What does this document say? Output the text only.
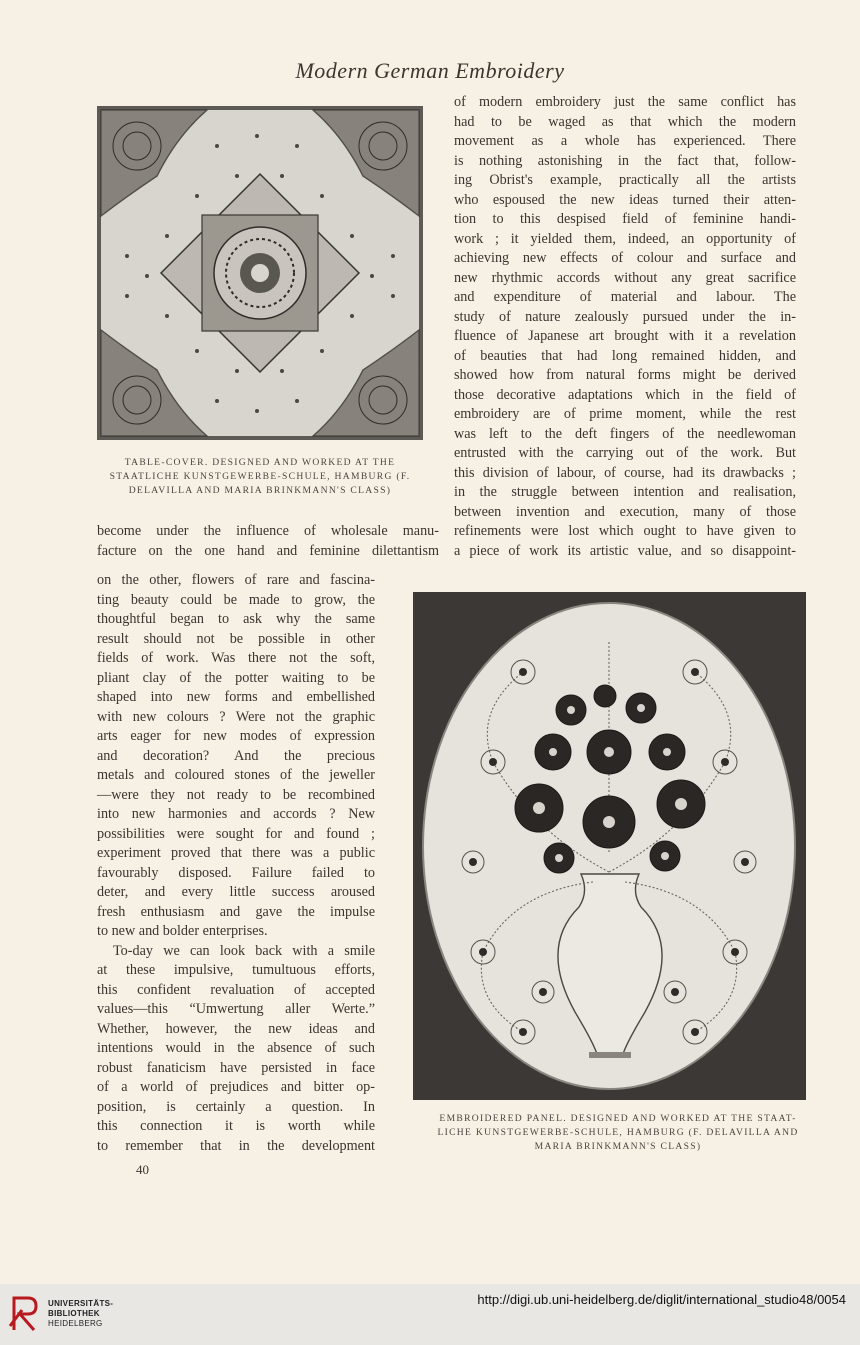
Modern German Embroidery
TABLE-COVER. DESIGNED AND WORKED AT THE
STAATLICHE KUNSTGEWERBE-SCHULE, HAMBURG (F.
DELAVILLA AND MARIA BRINKMANN'S CLASS)
of modern embroidery just the same conflict has
had to be waged as that which the modern
movement as a whole has experienced. There
is nothing astonishing in the fact that, follow-
ing Obrist's example, practically all the artists
who espoused the new ideas turned their atten-
tion to this despised field of feminine handi-
work ; it yielded them, indeed, an opportunity of
achieving new effects of colour and surface and
new rhythmic accords without any great sacrifice
and expenditure of material and labour. The
study of nature zealously pursued under the in-
fluence of Japanese art brought with it a revelation
of beauties that had long remained hidden, and
showed how from natural forms might be derived
those decorative adaptations which in the field of
embroidery are of prime moment, while the rest
was left to the deft fingers of the needlewoman
entrusted with the carrying out of the work. But
this division of labour, of course, had its drawbacks ;
in the struggle between intention and realisation,
between invention and execution, many of those
refinements were lost which ought to have given to
a piece of work its artistic value, and so disappoint-
become under the influence of wholesale manu-
facture on the one hand and feminine dilettantism
on the other, flowers of rare and fascina-
ting beauty could be made to grow, the
thoughtful began to ask why the same
result should not be possible in other
fields of work. Was there not the soft,
pliant clay of the potter waiting to be
shaped into new forms and embellished
with new colours ? Were not the graphic
arts eager for new modes of expression
and decoration? And the precious
metals and coloured stones of the jeweller
—were they not ready to be recombined
into new harmonies and accords ? New
possibilities were sought for and found ;
experiment proved that there was a public
favourably disposed. Failure failed to
deter, and every little success aroused
fresh enthusiasm and gave the impulse
to new and bolder enterprises.
To-day we can look back with a smile
at these impulsive, tumultuous efforts,
this confident revaluation of accepted
values—this “Umwertung aller Werte.”
Whether, however, the new ideas and
intentions would in the absence of such
robust fanaticism have persisted in face
of a world of prejudices and bitter op-
position, is certainly a question. In
this connection it is worth while
to remember that in the development
EMBROIDERED PANEL. DESIGNED AND WORKED AT THE STAAT-
LICHE KUNSTGEWERBE-SCHULE, HAMBURG (F. DELAVILLA AND
MARIA BRINKMANN'S CLASS)
40
UNIVERSITÄTS-
BIBLIOTHEK
HEIDELBERG
http://digi.ub.uni-heidelberg.de/diglit/international_studio48/0054
